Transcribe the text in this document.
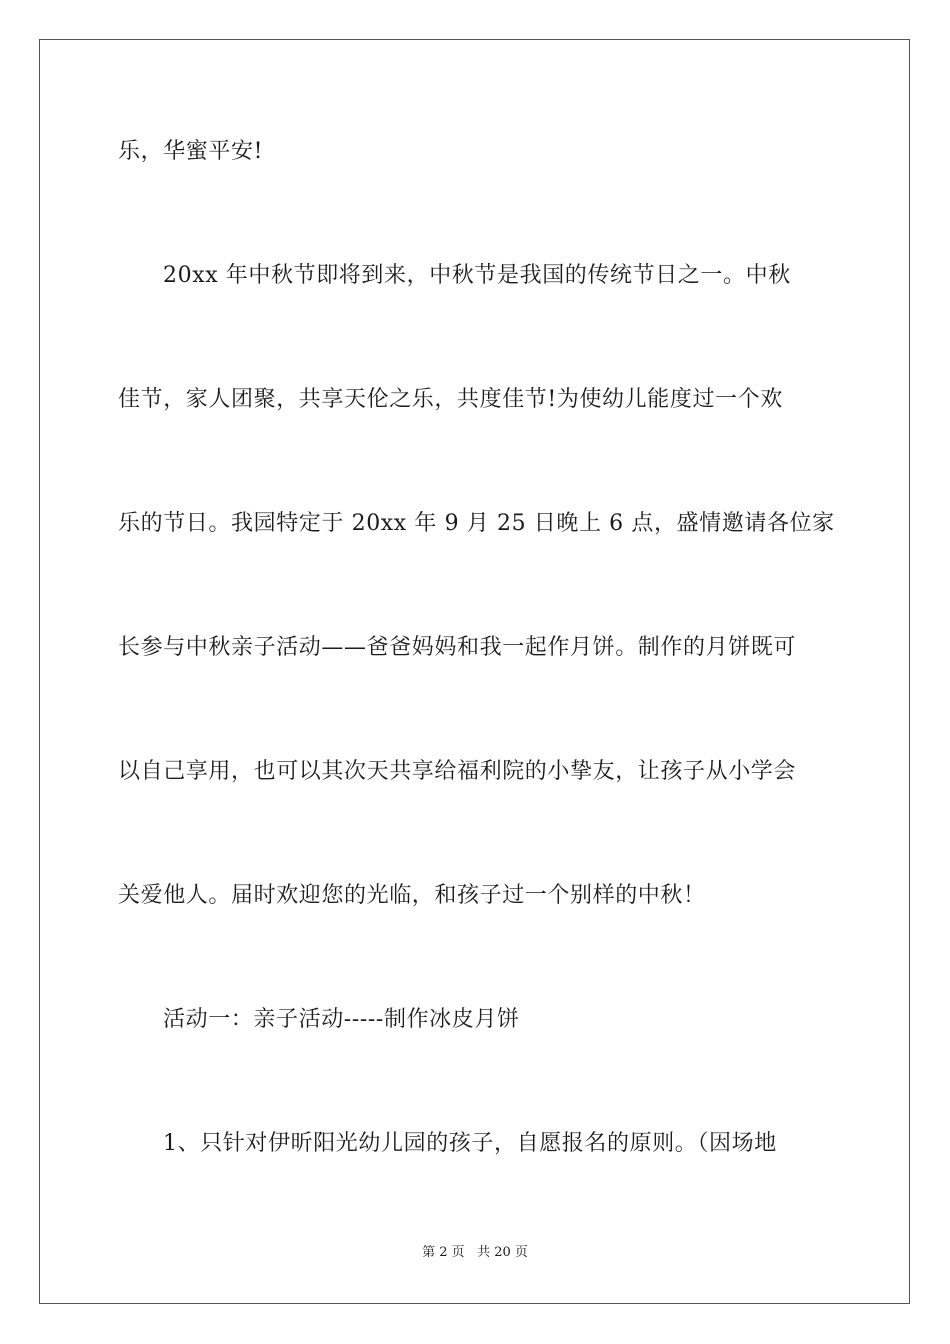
乐，华蜜平安!
20xx 年中秋节即将到来，中秋节是我国的传统节日之一。中秋
佳节，家人团聚，共享天伦之乐，共度佳节!为使幼儿能度过一个欢
乐的节日。我园特定于 20xx 年 9 月 25 日晚上 6 点，盛情邀请各位家
长参与中秋亲子活动——爸爸妈妈和我一起作月饼。制作的月饼既可
以自己享用，也可以其次天共享给福利院的小挚友，让孩子从小学会
关爱他人。届时欢迎您的光临，和孩子过一个别样的中秋！
活动一：亲子活动-----制作冰皮月饼
1、只针对伊昕阳光幼儿园的孩子，自愿报名的原则。（因场地
第 2 页 共 20 页
